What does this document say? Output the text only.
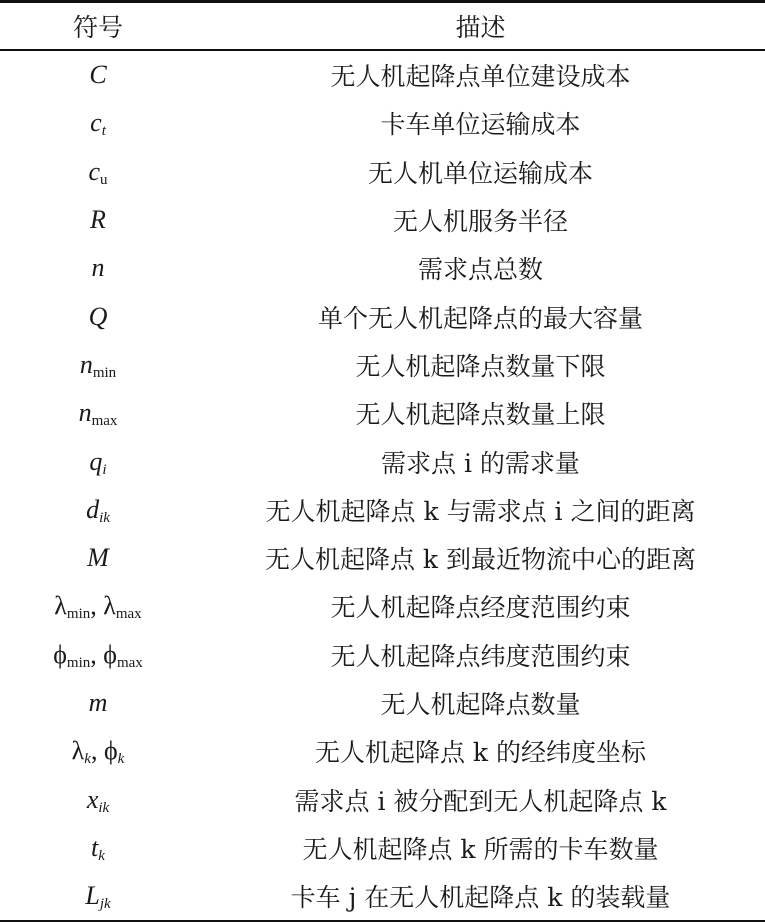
符号	描述
C	无人机起降点单位建设成本
$c_t$	卡车单位运输成本
$c_u$	无人机单位运输成本
R	无人机服务半径
n	需求点总数
Q	单个无人机起降点的最大容量
$n_{min}$	无人机起降点数量下限
$n_{max}$	无人机起降点数量上限
$q_i$	需求点 i 的需求量
$d_{ik}$	无人机起降点 k 与需求点 i 之间的距离
M	无人机起降点 k 到最近物流中心的距离
$\lambda_{min}$, $\lambda_{max}$	无人机起降点经度范围约束
$\phi_{min}$, $\phi_{max}$	无人机起降点纬度范围约束
m	无人机起降点数量
$\lambda_k$, $\phi_k$	无人机起降点 k 的经纬度坐标
$x_{ik}$	需求点 i 被分配到无人机起降点 k
$t_k$	无人机起降点 k 所需的卡车数量
$L_{jk}$	卡车 j 在无人机起降点 k 的装载量
